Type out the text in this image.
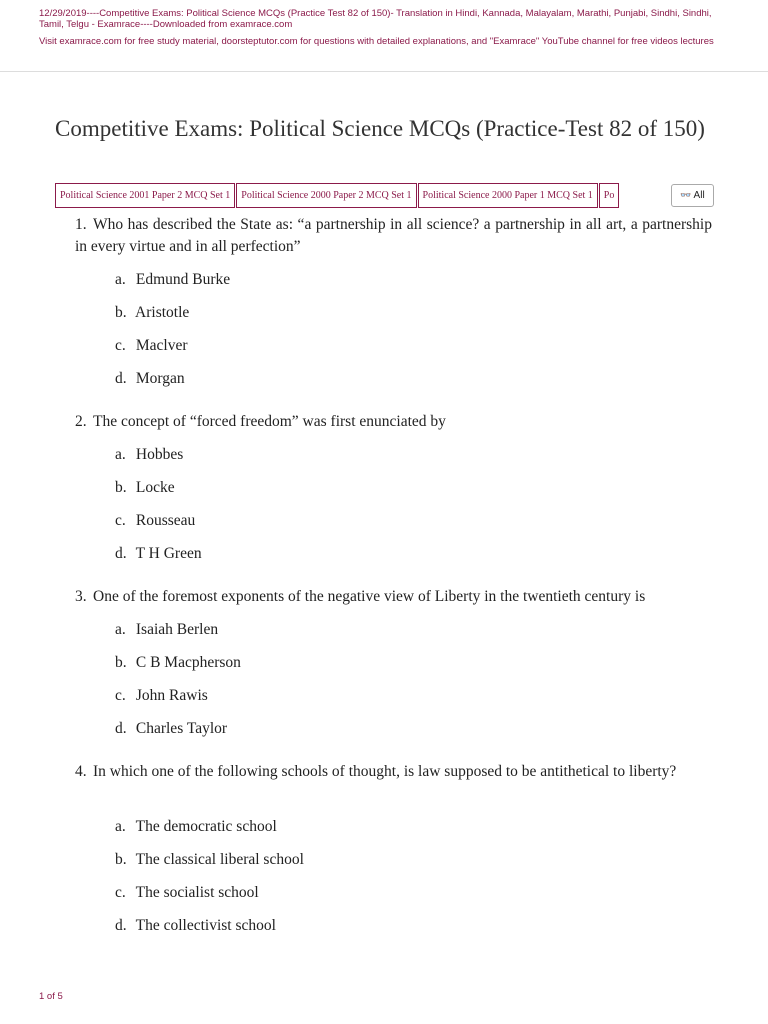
12/29/2019----Competitive Exams: Political Science MCQs (Practice Test 82 of 150)- Translation in Hindi, Kannada, Malayalam, Marathi, Punjabi, Sindhi, Sindhi, Tamil, Telgu - Examrace----Downloaded from examrace.com

Visit examrace.com for free study material, doorsteptutor.com for questions with detailed explanations, and "Examrace" YouTube channel for free videos lectures

Competitive Exams: Political Science MCQs (Practice-Test 82 of 150)
Political Science 2001 Paper 2 MCQ Set 1 Political Science 2000 Paper 2 MCQ Set 1 Political Science 2000 Paper 1 MCQ Set 1 Po	👓 All

1. Who has described the State as: “a partnership in all science? a partnership in all art, a partnership in every virtue and in all perfection”

a. Edmund Burke
b. Aristotle
c. Maclver
d. Morgan

2. The concept of “forced freedom” was first enunciated by

a. Hobbes
b. Locke
c. Rousseau
d. T H Green

3. One of the foremost exponents of the negative view of Liberty in the twentieth century is

a. Isaiah Berlen
b. C B Macpherson
c. John Rawis
d. Charles Taylor

4. In which one of the following schools of thought, is law supposed to be antithetical to liberty?

a. The democratic school
b. The classical liberal school
c. The socialist school
d. The collectivist school
1 of 5
